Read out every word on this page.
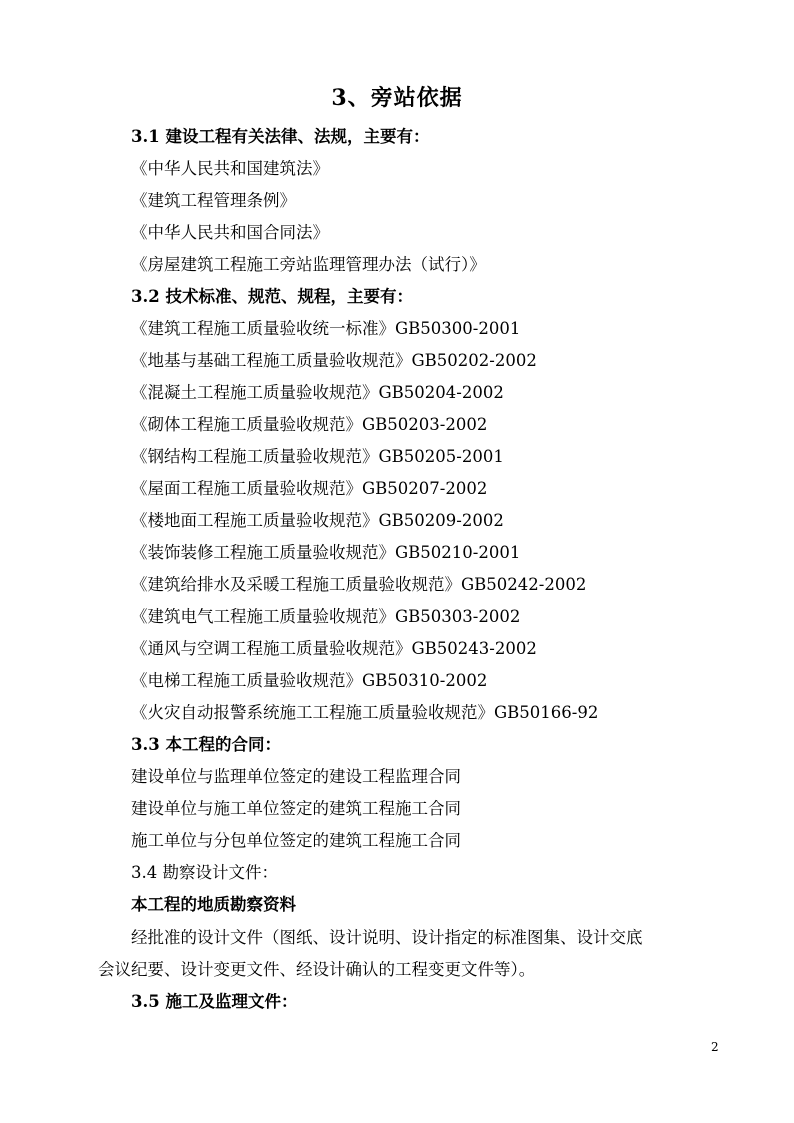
3、旁站依据
3.1 建设工程有关法律、法规，主要有：
《中华人民共和国建筑法》
《建筑工程管理条例》
《中华人民共和国合同法》
《房屋建筑工程施工旁站监理管理办法（试行）》
3.2 技术标准、规范、规程，主要有：
《建筑工程施工质量验收统一标准》GB50300-2001
《地基与基础工程施工质量验收规范》GB50202-2002
《混凝土工程施工质量验收规范》GB50204-2002
《砌体工程施工质量验收规范》GB50203-2002
《钢结构工程施工质量验收规范》GB50205-2001
《屋面工程施工质量验收规范》GB50207-2002
《楼地面工程施工质量验收规范》GB50209-2002
《装饰装修工程施工质量验收规范》GB50210-2001
《建筑给排水及采暖工程施工质量验收规范》GB50242-2002
《建筑电气工程施工质量验收规范》GB50303-2002
《通风与空调工程施工质量验收规范》GB50243-2002
《电梯工程施工质量验收规范》GB50310-2002
《火灾自动报警系统施工工程施工质量验收规范》GB50166-92
3.3 本工程的合同：
建设单位与监理单位签定的建设工程监理合同
建设单位与施工单位签定的建筑工程施工合同
施工单位与分包单位签定的建筑工程施工合同
3.4 勘察设计文件：
本工程的地质勘察资料
经批准的设计文件（图纸、设计说明、设计指定的标准图集、设计交底
会议纪要、设计变更文件、经设计确认的工程变更文件等）。
3.5 施工及监理文件：
2
